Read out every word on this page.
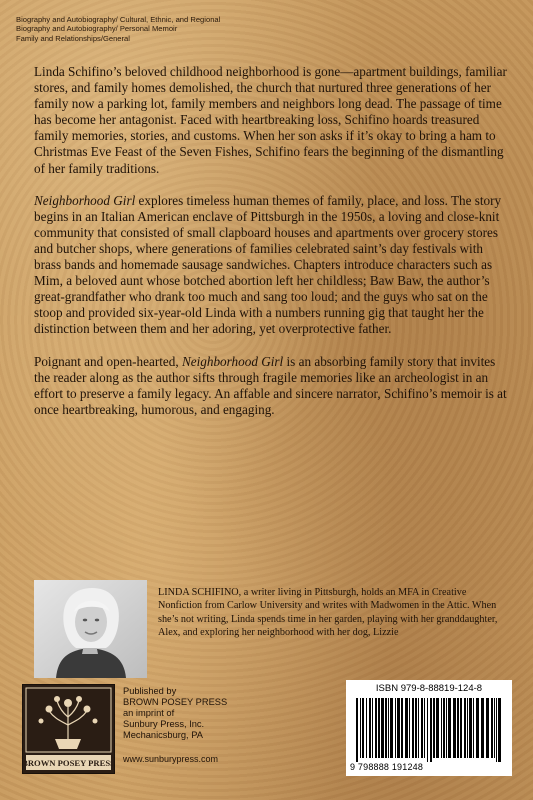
Biography and Autobiography/ Cultural, Ethnic, and Regional
Biography and Autobiography/ Personal Memoir
Family and Relationships/General

Linda Schifino’s beloved childhood neighborhood is gone—apartment buildings, familiar stores, and family homes demolished, the church that nurtured three generations of her family now a parking lot, family members and neighbors long dead. The passage of time has become her antagonist. Faced with heartbreaking loss, Schifino hoards treasured family memories, stories, and customs. When her son asks if it’s okay to bring a ham to Christmas Eve Feast of the Seven Fishes, Schifino fears the beginning of the dismantling of her family traditions.

Neighborhood Girl explores timeless human themes of family, place, and loss. The story begins in an Italian American enclave of Pittsburgh in the 1950s, a loving and close-knit community that consisted of small clapboard houses and apartments over grocery stores and butcher shops, where generations of families celebrated saint’s day festivals with brass bands and homemade sausage sandwiches. Chapters introduce characters such as Mim, a beloved aunt whose botched abortion left her childless; Baw Baw, the author’s great-grandfather who drank too much and sang too loud; and the guys who sat on the stoop and provided six-year-old Linda with a numbers running gig that taught her the distinction between them and her adoring, yet overprotective father.

Poignant and open-hearted, Neighborhood Girl is an absorbing family story that invites the reader along as the author sifts through fragile memories like an archeologist in an effort to preserve a family legacy. An affable and sincere narrator, Schifino’s memoir is at once heartbreaking, humorous, and engaging.

LINDA SCHIFINO, a writer living in Pittsburgh, holds an MFA in Creative Nonfiction from Carlow University and writes with Madwomen in the Attic. When she’s not writing, Linda spends time in her garden, playing with her granddaughter, Alex, and exploring her neighborhood with her dog, Lizzie

BROWN POSEY PRESS
Published by
BROWN POSEY PRESS
an imprint of
Sunbury Press, Inc.
Mechanicsburg, PA
www.sunburypress.com
ISBN 979-8-88819-124-8
9 798888 191248
